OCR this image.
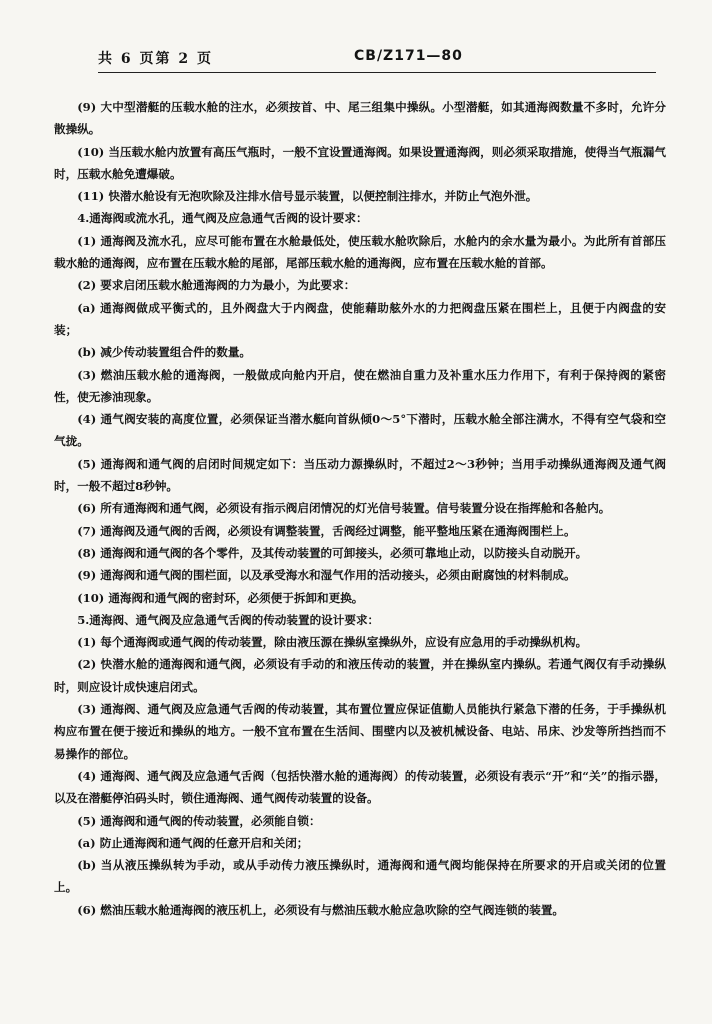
共 6 页第 2 页	CB/Z171—80

(9) 大中型潜艇的压载水舱的注水，必须按首、中、尾三组集中操纵。小型潜艇，如其通海阀数量不多时，允许分散操纵。

(10) 当压载水舱内放置有高压气瓶时，一般不宜设置通海阀。如果设置通海阀，则必须采取措施，使得当气瓶漏气时，压载水舱免遭爆破。

(11) 快潜水舱设有无泡吹除及注排水信号显示装置，以便控制注排水，并防止气泡外泄。

4.通海阀或流水孔，通气阀及应急通气舌阀的设计要求：

(1) 通海阀及流水孔，应尽可能布置在水舱最低处，使压载水舱吹除后，水舱内的余水量为最小。为此所有首部压载水舱的通海阀，应布置在压载水舱的尾部，尾部压载水舱的通海阀，应布置在压载水舱的首部。

(2) 要求启闭压载水舱通海阀的力为最小，为此要求：

(a) 通海阀做成平衡式的，且外阀盘大于内阀盘，使能藉助舷外水的力把阀盘压紧在围栏上，且便于内阀盘的安装；

(b) 减少传动装置组合件的数量。

(3) 燃油压载水舱的通海阀，一般做成向舱内开启，使在燃油自重力及补重水压力作用下，有利于保持阀的紧密性，使无渗油现象。

(4) 通气阀安装的高度位置，必须保证当潜水艇向首纵倾0～5°下潜时，压载水舱全部注满水，不得有空气袋和空气拢。

(5) 通海阀和通气阀的启闭时间规定如下：当压动力源操纵时，不超过2～3秒钟；当用手动操纵通海阀及通气阀时，一般不超过8秒钟。

(6) 所有通海阀和通气阀，必须设有指示阀启闭情况的灯光信号装置。信号装置分设在指挥舱和各舱内。

(7) 通海阀及通气阀的舌阀，必须设有调整装置，舌阀经过调整，能平整地压紧在通海阀围栏上。

(8) 通海阀和通气阀的各个零件，及其传动装置的可卸接头，必须可靠地止动，以防接头自动脱开。

(9) 通海阀和通气阀的围栏面，以及承受海水和湿气作用的活动接头，必须由耐腐蚀的材料制成。

(10) 通海阀和通气阀的密封环，必须便于拆卸和更换。

5.通海阀、通气阀及应急通气舌阀的传动装置的设计要求：

(1) 每个通海阀或通气阀的传动装置，除由液压源在操纵室操纵外，应设有应急用的手动操纵机构。

(2) 快潜水舱的通海阀和通气阀，必须设有手动的和液压传动的装置，并在操纵室内操纵。若通气阀仅有手动操纵时，则应设计成快速启闭式。

(3) 通海阀、通气阀及应急通气舌阀的传动装置，其布置位置应保证值勤人员能执行紧急下潜的任务，于手操纵机构应布置在便于接近和操纵的地方。一般不宜布置在生活间、围壁内以及被机械设备、电站、吊床、沙发等所挡挡而不易操作的部位。

(4) 通海阀、通气阀及应急通气舌阀（包括快潜水舱的通海阀）的传动装置，必须设有表示“开”和“关”的指示器，以及在潜艇停泊码头时，锁住通海阀、通气阀传动装置的设备。

(5) 通海阀和通气阀的传动装置，必须能自锁：

(a) 防止通海阀和通气阀的任意开启和关闭；

(b) 当从液压操纵转为手动，或从手动传力液压操纵时，通海阀和通气阀均能保持在所要求的开启或关闭的位置上。

(6) 燃油压载水舱通海阀的液压机上，必须设有与燃油压载水舱应急吹除的空气阀连锁的装置。
